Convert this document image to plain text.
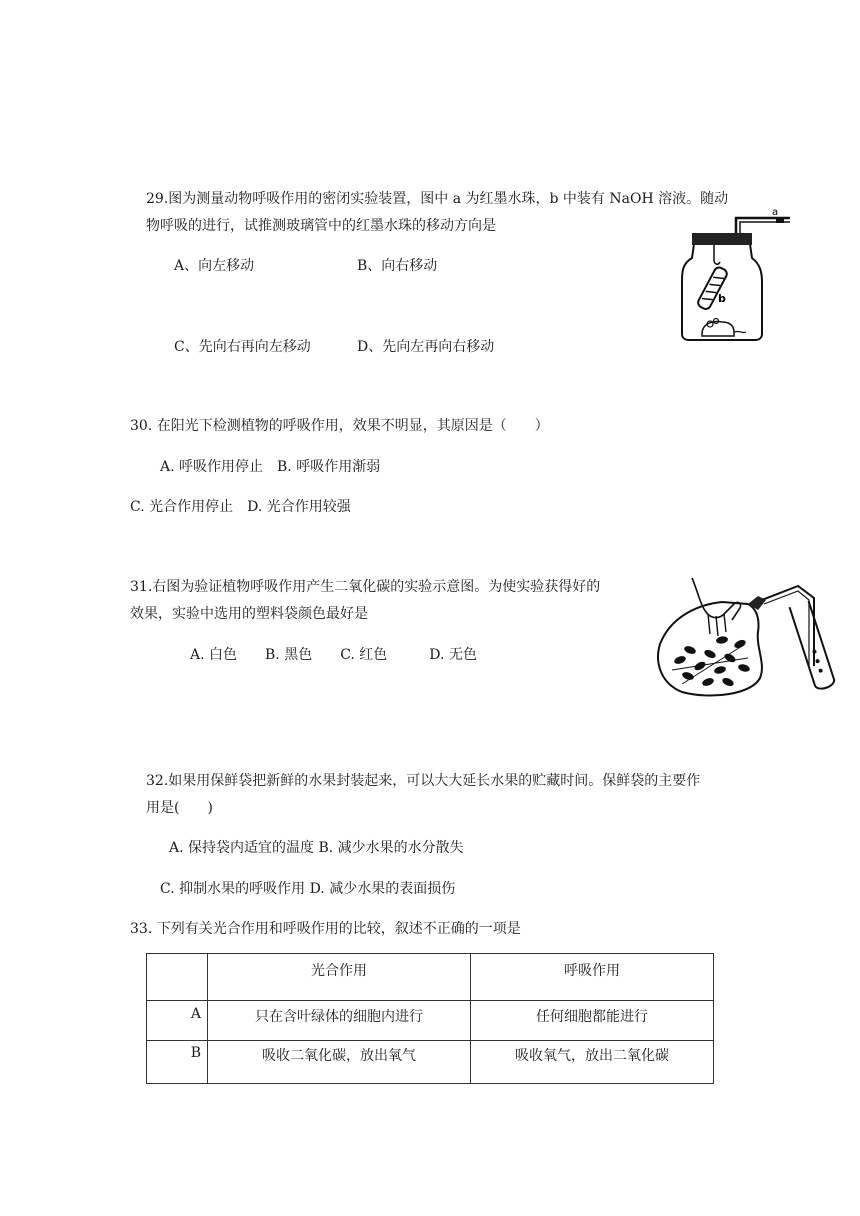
29.图为测量动物呼吸作用的密闭实验装置，图中 a 为红墨水珠，b 中装有 NaOH 溶液。随动
物呼吸的进行，试推测玻璃管中的红墨水珠的移动方向是
A、向左移动	B、向右移动
C、先向右再向左移动	D、先向左再向右移动
a
b
30. 在阳光下检测植物的呼吸作用，效果不明显，其原因是（　　）
A. 呼吸作用停止　B. 呼吸作用渐弱
C. 光合作用停止　D. 光合作用较强
31.右图为验证植物呼吸作用产生二氧化碳的实验示意图。为使实验获得好的
效果，实验中选用的塑料袋颜色最好是
A. 白色　　B. 黑色　　C. 红色　　　D. 无色
32.如果用保鲜袋把新鲜的水果封装起来，可以大大延长水果的贮藏时间。保鲜袋的主要作
用是(　　)
A. 保持袋内适宜的温度 B. 减少水果的水分散失
C. 抑制水果的呼吸作用 D. 减少水果的表面损伤
33. 下列有关光合作用和呼吸作用的比较，叙述不正确的一项是
	光合作用	呼吸作用
A	只在含叶绿体的细胞内进行	任何细胞都能进行
B	吸收二氧化碳，放出氧气	吸收氧气，放出二氧化碳
